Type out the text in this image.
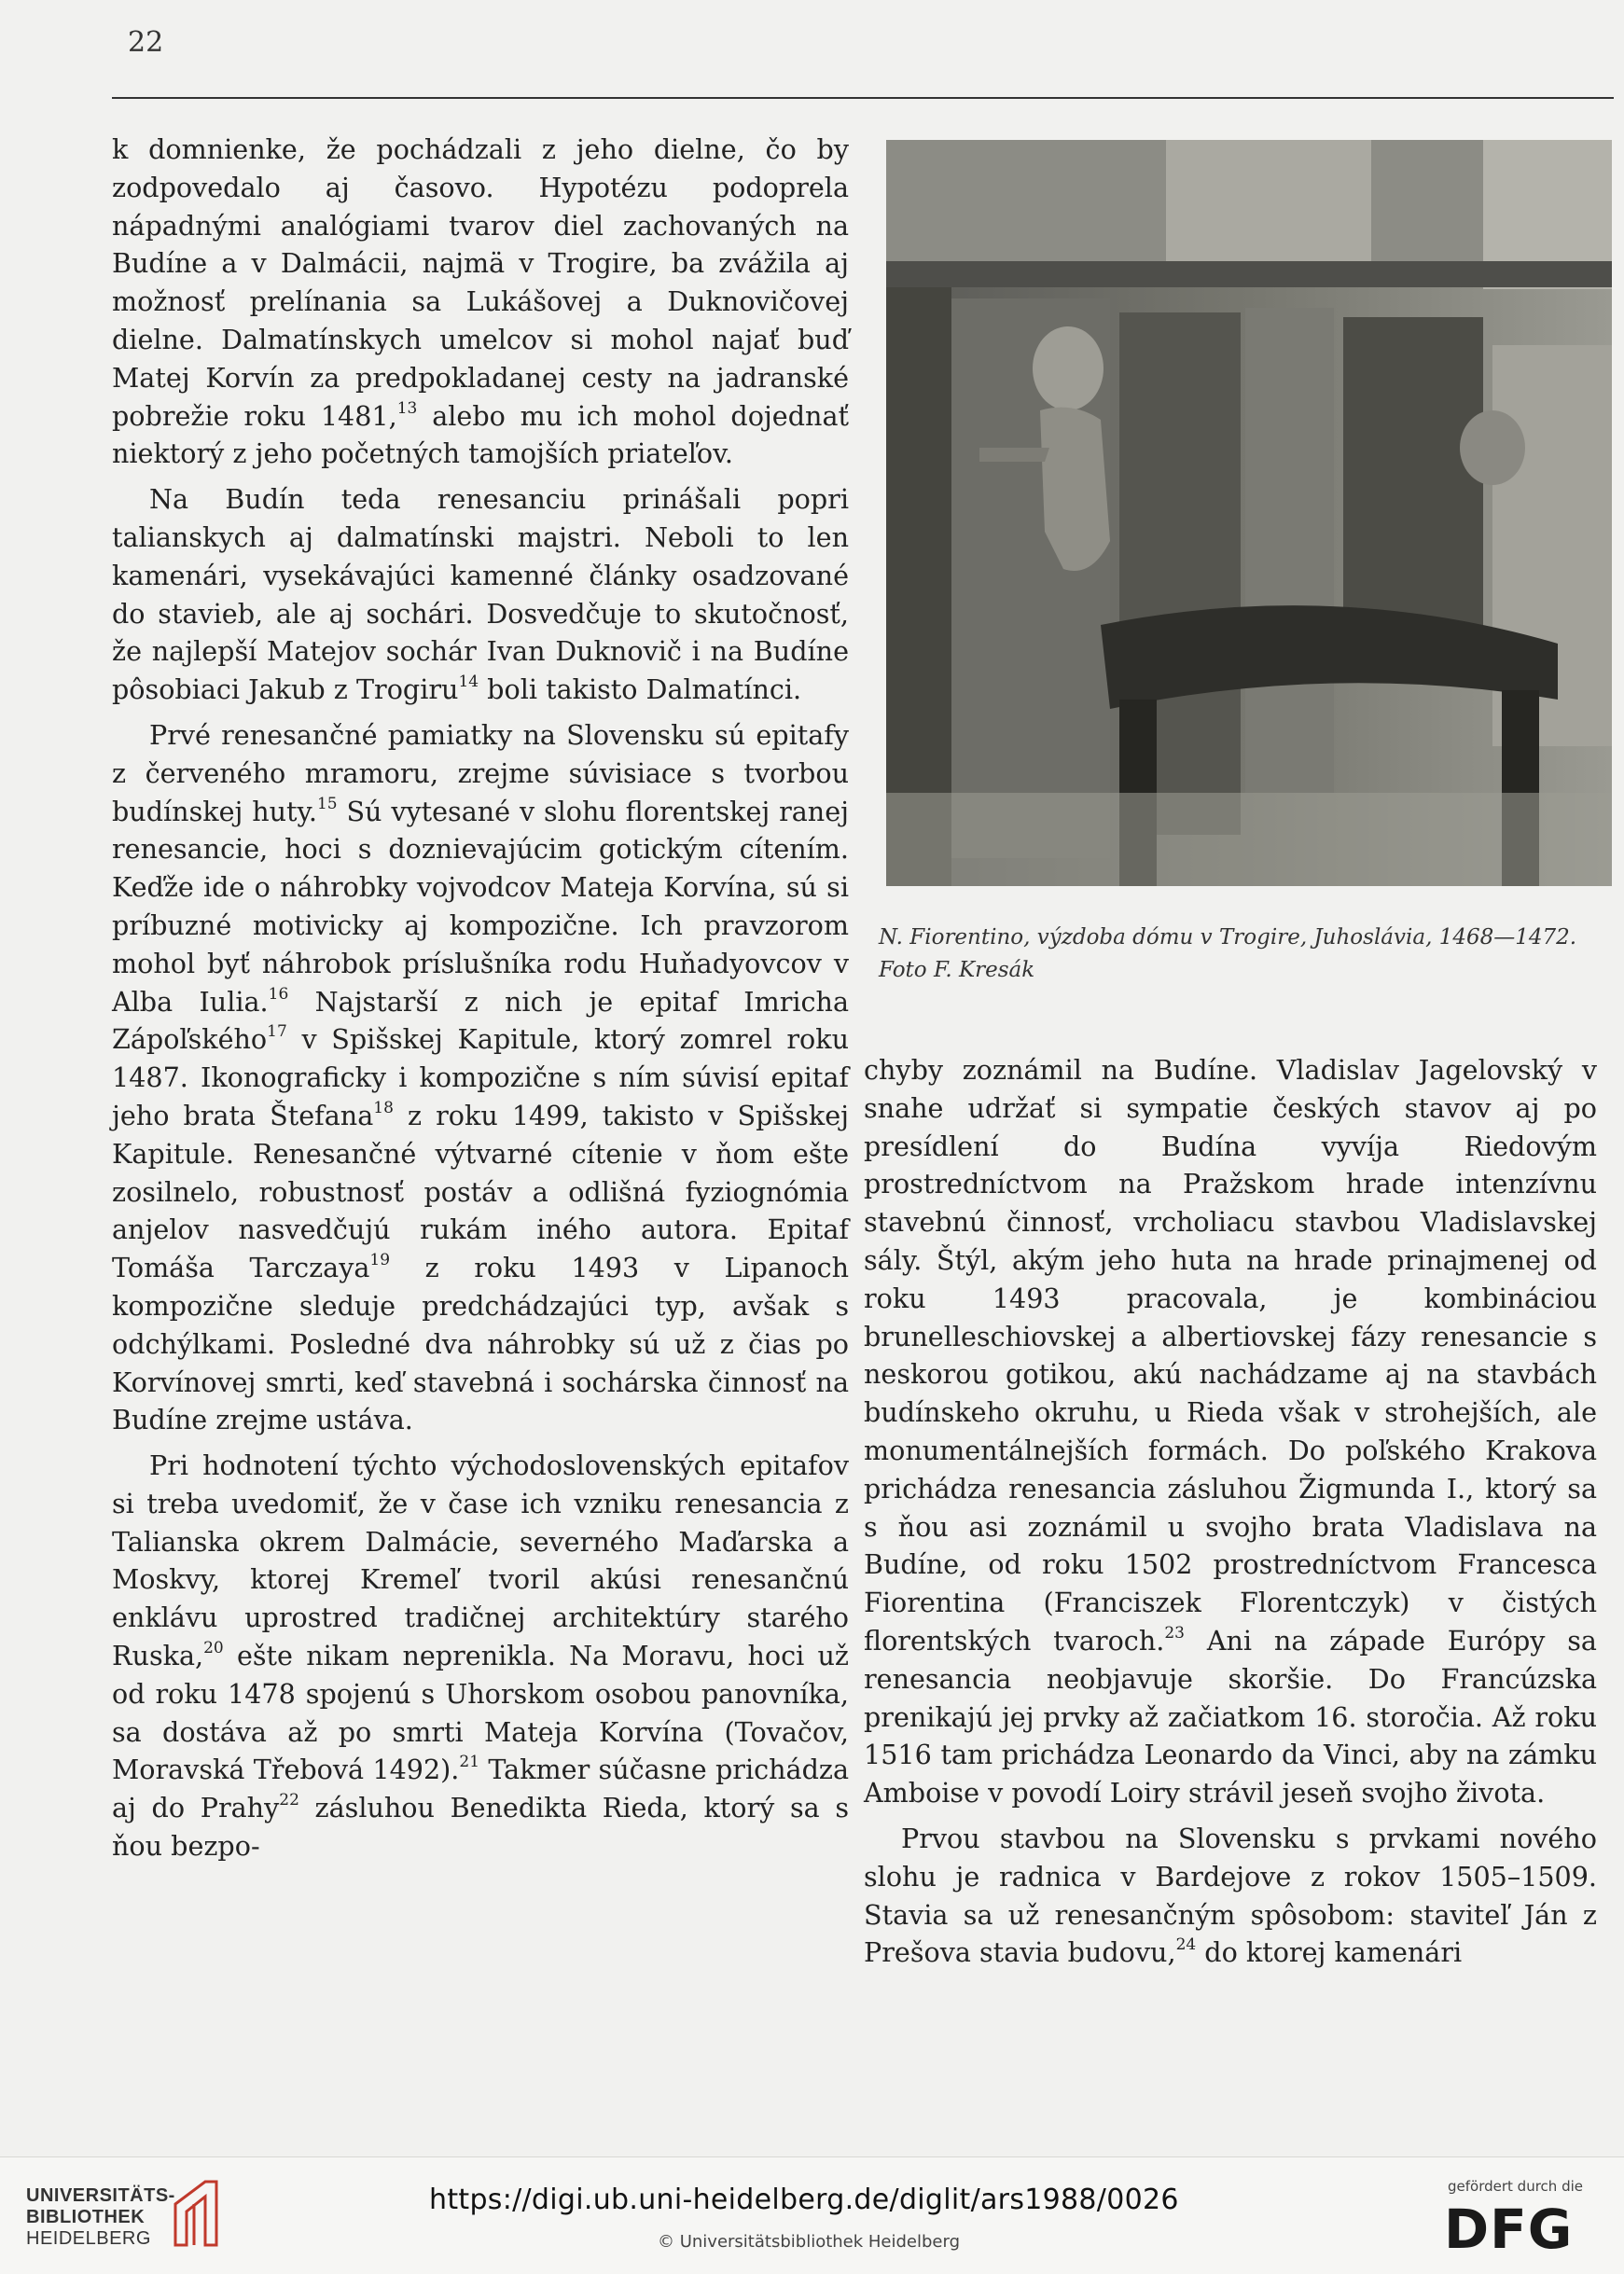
22

k domnienke, že pochádzali z jeho dielne, čo by zodpovedalo aj časovo. Hypotézu podoprela nápadnými analógiami tvarov diel zachovaných na Budíne a v Dalmácii, najmä v Trogire, ba zvážila aj možnosť prelínania sa Lukášovej a Duknovičovej dielne. Dalmatínskych umelcov si mohol najať buď Matej Korvín za predpokladanej cesty na jadranské pobrežie roku 1481,13 alebo mu ich mohol dojednať niektorý z jeho početných tamojších priateľov.

Na Budín teda renesanciu prinášali popri talianskych aj dalmatínski majstri. Neboli to len kamenári, vysekávajúci kamenné články osadzované do stavieb, ale aj sochári. Dosvedčuje to skutočnosť, že najlepší Matejov sochár Ivan Duknovič i na Budíne pôsobiaci Jakub z Trogiru$^{14}$ boli takisto Dalmatínci.

Prvé renesančné pamiatky na Slovensku sú epitafy z červeného mramoru, zrejme súvisiace s tvorbou budínskej huty.$^{15}$ Sú vytesané v slohu florentskej ranej renesancie, hoci s doznievajúcim gotickým cítením. Keďže ide o náhrobky vojvodcov Mateja Korvína, sú si príbuzné motivicky aj kompozične. Ich pravzorom mohol byť náhrobok príslušníka rodu Huňadyovcov v Alba Iulia.$^{16}$ Najstarší z nich je epitaf Imricha Zápoľského$^{17}$ v Spišskej Kapitule, ktorý zomrel roku 1487. Ikonograficky i kompozične s ním súvisí epitaf jeho brata Štefana$^{18}$ z roku 1499, takisto v Spišskej Kapitule. Renesančné výtvarné cítenie v ňom ešte zosilnelo, robustnosť postáv a odlišná fyziognómia anjelov nasvedčujú rukám iného autora. Epitaf Tomáša Tarczaya$^{19}$ z roku 1493 v Lipanoch kompozične sleduje predchádzajúci typ, avšak s odchýlkami. Posledné dva náhrobky sú už z čias po Korvínovej smrti, keď stavebná i sochárska činnosť na Budíne zrejme ustáva.

Pri hodnotení týchto východoslovenských epitafov si treba uvedomiť, že v čase ich vzniku renesancia z Talianska okrem Dalmácie, severného Maďarska a Moskvy, ktorej Kremeľ tvoril akúsi renesančnú enklávu uprostred tradičnej architektúry starého Ruska,$^{20}$ ešte nikam neprenikla. Na Moravu, hoci už od roku 1478 spojenú s Uhorskom osobou panovníka, sa dostáva až po smrti Mateja Korvína (Tovačov, Moravská Třebová 1492).$^{21}$ Takmer súčasne prichádza aj do Prahy$^{22}$ zásluhou Benedikta Rieda, ktorý sa s ňou bezpo-

N. Fiorentino, výzdoba dómu v Trogire, Juhoslávia, 1468—1472. Foto F. Kresák

chyby zoznámil na Budíne. Vladislav Jagelovský v snahe udržať si sympatie českých stavov aj po presídlení do Budína vyvíja Riedovým prostredníctvom na Pražskom hrade intenzívnu stavebnú činnosť, vrcholiacu stavbou Vladislavskej sály. Štýl, akým jeho huta na hrade prinajmenej od roku 1493 pracovala, je kombináciou brunelleschiovskej a albertiovskej fázy renesancie s neskorou gotikou, akú nachádzame aj na stavbách budínskeho okruhu, u Rieda však v strohejších, ale monumentálnejších formách. Do poľského Krakova prichádza renesancia zásluhou Žigmunda I., ktorý sa s ňou asi zoznámil u svojho brata Vladislava na Budíne, od roku 1502 prostredníctvom Francesca Fiorentina (Franciszek Florentczyk) v čistých florentských tvaroch.$^{23}$ Ani na západe Európy sa renesancia neobjavuje skoršie. Do Francúzska prenikajú jej prvky až začiatkom 16. storočia. Až roku 1516 tam prichádza Leonardo da Vinci, aby na zámku Amboise v povodí Loiry strávil jeseň svojho života.

Prvou stavbou na Slovensku s prvkami nového slohu je radnica v Bardejove z rokov 1505–1509. Stavia sa už renesančným spôsobom: staviteľ Ján z Prešova stavia budovu,$^{24}$ do ktorej kamenári

UNIVERSITÄTS-
BIBLIOTHEK
HEIDELBERG
https://digi.ub.uni-heidelberg.de/diglit/ars1988/0026
© Universitätsbibliothek Heidelberg
gefördert durch die
DFG
